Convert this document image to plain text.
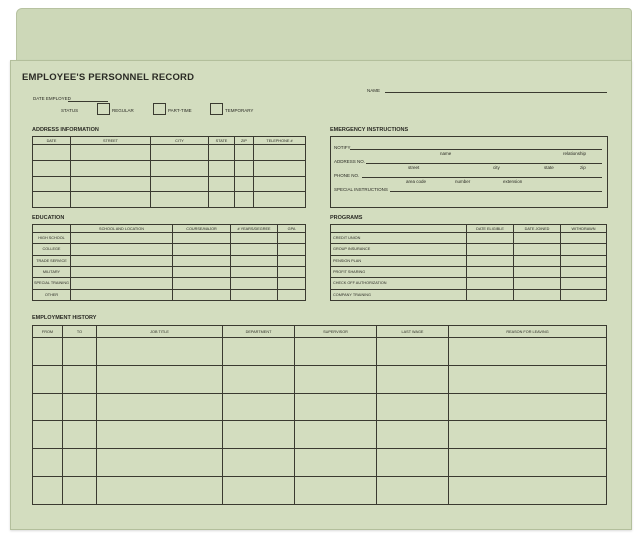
EMPLOYEE'S PERSONNEL RECORD
DATE EMPLOYED
STATUS	REGULAR	PART-TIME	TEMPORARY
NAME
ADDRESS INFORMATION
DATE	STREET	CITY	STATE	ZIP	TELEPHONE #

EDUCATION
	SCHOOL AND LOCATION	COURSE/MAJOR	# YEARS/DEGREE	GPA
HIGH SCHOOL				
COLLEGE				
TRADE SERVICE				
MILITARY				
SPECIAL TRAINING				
OTHER				
EMERGENCY INSTRUCTIONS
NOTIFY
name	relationship
ADDRESS NO.
street	city	state	zip
PHONE NO.
area code	number	extension
SPECIAL INSTRUCTIONS
PROGRAMS
	DATE ELIGIBLE	DATE JOINED	WITHDRAWN
CREDIT UNION			
GROUP INSURANCE			
PENSION PLAN			
PROFIT SHARING			
CHECK OFF AUTHORIZATION			
COMPANY TRAINING			
EMPLOYMENT HISTORY
FROM	TO	JOB TITLE	DEPARTMENT	SUPERVISOR	LAST WAGE	REASON FOR LEAVING
